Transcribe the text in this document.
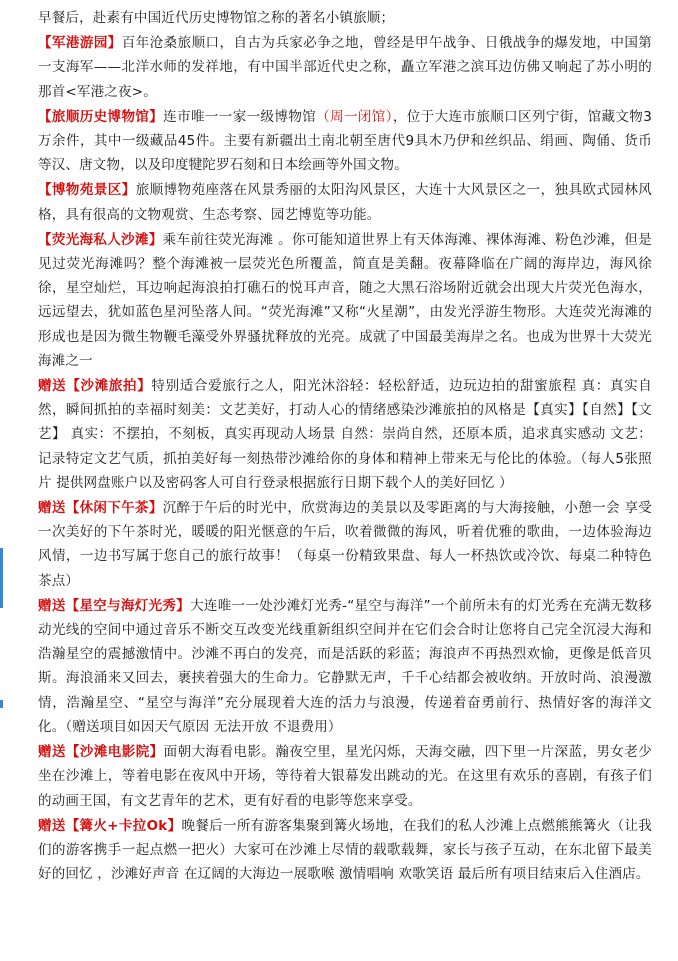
早餐后，赴素有中国近代历史博物馆之称的著名小镇旅顺；

【军港游园】百年沧桑旅顺口，自古为兵家必争之地，曾经是甲午战争、日俄战争的爆发地，中国第一支海军——北洋水师的发祥地，有中国半部近代史之称，矗立军港之滨耳边仿佛又响起了苏小明的那首<军港之夜>。

【旅顺历史博物馆】连市唯一一家一级博物馆（周一闭馆），位于大连市旅顺口区列宁街，馆藏文物3万余件，其中一级藏品45件。主要有新疆出土南北朝至唐代9具木乃伊和丝织品、绢画、陶俑、货币等汉、唐文物，以及印度犍陀罗石刻和日本绘画等外国文物。

【博物苑景区】旅顺博物苑座落在风景秀丽的太阳沟风景区，大连十大风景区之一，独具欧式园林风格，具有很高的文物观赏、生态考察、园艺博览等功能。

【荧光海私人沙滩】乘车前往荧光海滩 。你可能知道世界上有天体海滩、裸体海滩、粉色沙滩，但是见过荧光海滩吗？整个海滩被一层荧光色所覆盖，简直是美翻。夜幕降临在广阔的海岸边，海风徐徐，星空灿烂，耳边响起海浪拍打礁石的悦耳声音，随之大黑石浴场附近就会出现大片荧光色海水，远远望去，犹如蓝色星河坠落人间。“荧光海滩”又称“火星潮”，由发光浮游生物形。大连荧光海滩的形成也是因为微生物鞭毛藻受外界骚扰释放的光亮。成就了中国最美海岸之名。也成为世界十大荧光海滩之一

赠送【沙滩旅拍】特别适合爱旅行之人，阳光沐浴轻：轻松舒适，边玩边拍的甜蜜旅程 真：真实自然，瞬间抓拍的幸福时刻美：文艺美好，打动人心的情绪感染沙滩旅拍的风格是【真实】【自然】【文艺】 真实：不摆拍，不刻板，真实再现动人场景 自然：崇尚自然，还原本质，追求真实感动 文艺：记录特定文艺气质，抓拍美好每一刻热带沙滩给你的身体和精神上带来无与伦比的体验。（每人5张照片 提供网盘账户以及密码客人可自行登录根据旅行日期下载个人的美好回忆 ）

赠送【休闲下午茶】沉醉于午后的时光中，欣赏海边的美景以及零距离的与大海接触，小憩一会 享受一次美好的下午茶时光，暖暖的阳光惬意的午后，吹着微微的海风，听着优雅的歌曲，一边体验海边风情，一边书写属于您自己的旅行故事！（每桌一份精致果盘、每人一杯热饮或冷饮、每桌二种特色茶点）

赠送【星空与海灯光秀】大连唯一一处沙滩灯光秀-“星空与海洋”一个前所未有的灯光秀在充满无数移动光线的空间中通过音乐不断交互改变光线重新组织空间并在它们会合时让您将自己完全沉浸大海和浩瀚星空的震撼激情中。沙滩不再白的发亮，而是活跃的彩蓝；海浪声不再热烈欢愉，更像是低音贝斯。海浪涌来又回去，裹挟着强大的生命力。它静默无声，千千心结都会被收纳。开放时尚、浪漫激情，浩瀚星空、“星空与海洋”充分展现着大连的活力与浪漫，传递着奋勇前行、热情好客的海洋文化。（赠送项目如因天气原因 无法开放 不退费用）

赠送【沙滩电影院】面朝大海看电影。瀚夜空里，星光闪烁，天海交融，四下里一片深蓝，男女老少坐在沙滩上，等着电影在夜风中开场，等待着大银幕发出跳动的光。在这里有欢乐的喜剧，有孩子们的动画王国，有文艺青年的艺术，更有好看的电影等您来享受。

赠送【篝火+卡拉Ok】晚餐后一所有游客集聚到篝火场地，在我们的私人沙滩上点燃熊熊篝火（让我们的游客携手一起点燃一把火）大家可在沙滩上尽情的载歌载舞，家长与孩子互动，在东北留下最美好的回忆 ，沙滩好声音 在辽阔的大海边一展歌喉 激情唱响 欢歌笑语 最后所有项目结束后入住酒店。
